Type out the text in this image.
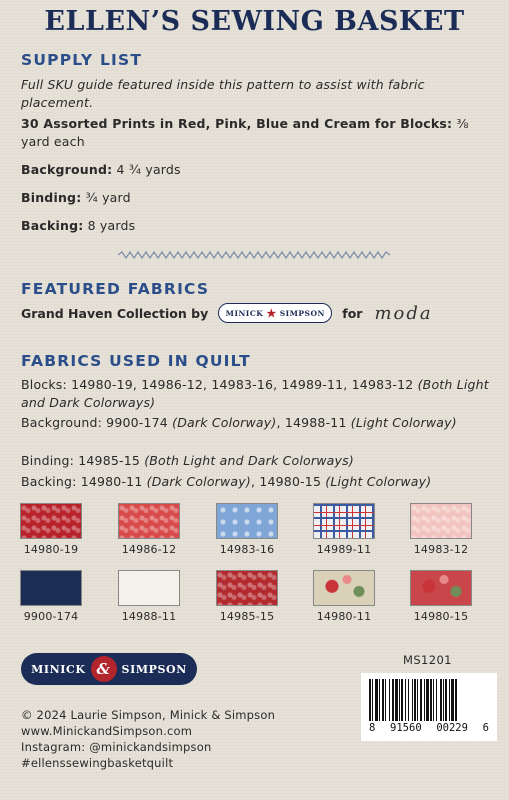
ELLEN’S SEWING BASKET
SUPPLY LIST
Full SKU guide featured inside this pattern to assist with fabric placement.
30 Assorted Prints in Red, Pink, Blue and Cream for Blocks: ⅜ yard each
Background: 4 ¾ yards
Binding: ¾ yard
Backing: 8 yards
FEATURED FABRICS
Grand Haven Collection by MINICK ★ SIMPSON for moda
FABRICS USED IN QUILT
Blocks: 14980-19, 14986-12, 14983-16, 14989-11, 14983-12 (Both Light and Dark Colorways)
Background: 9900-174 (Dark Colorway), 14988-11 (Light Colorway)
Binding: 14985-15 (Both Light and Dark Colorways)
Backing: 14980-11 (Dark Colorway), 14980-15 (Light Colorway)
14980-19	14986-12	14983-16	14989-11	14983-12
9900-174	14988-11	14985-15	14980-11	14980-15
MINICK & SIMPSON
MS1201
8 91560 00229 6
© 2024 Laurie Simpson, Minick & Simpson
www.MinickandSimpson.com
Instagram: @minickandsimpson
#ellenssewingbasketquilt
